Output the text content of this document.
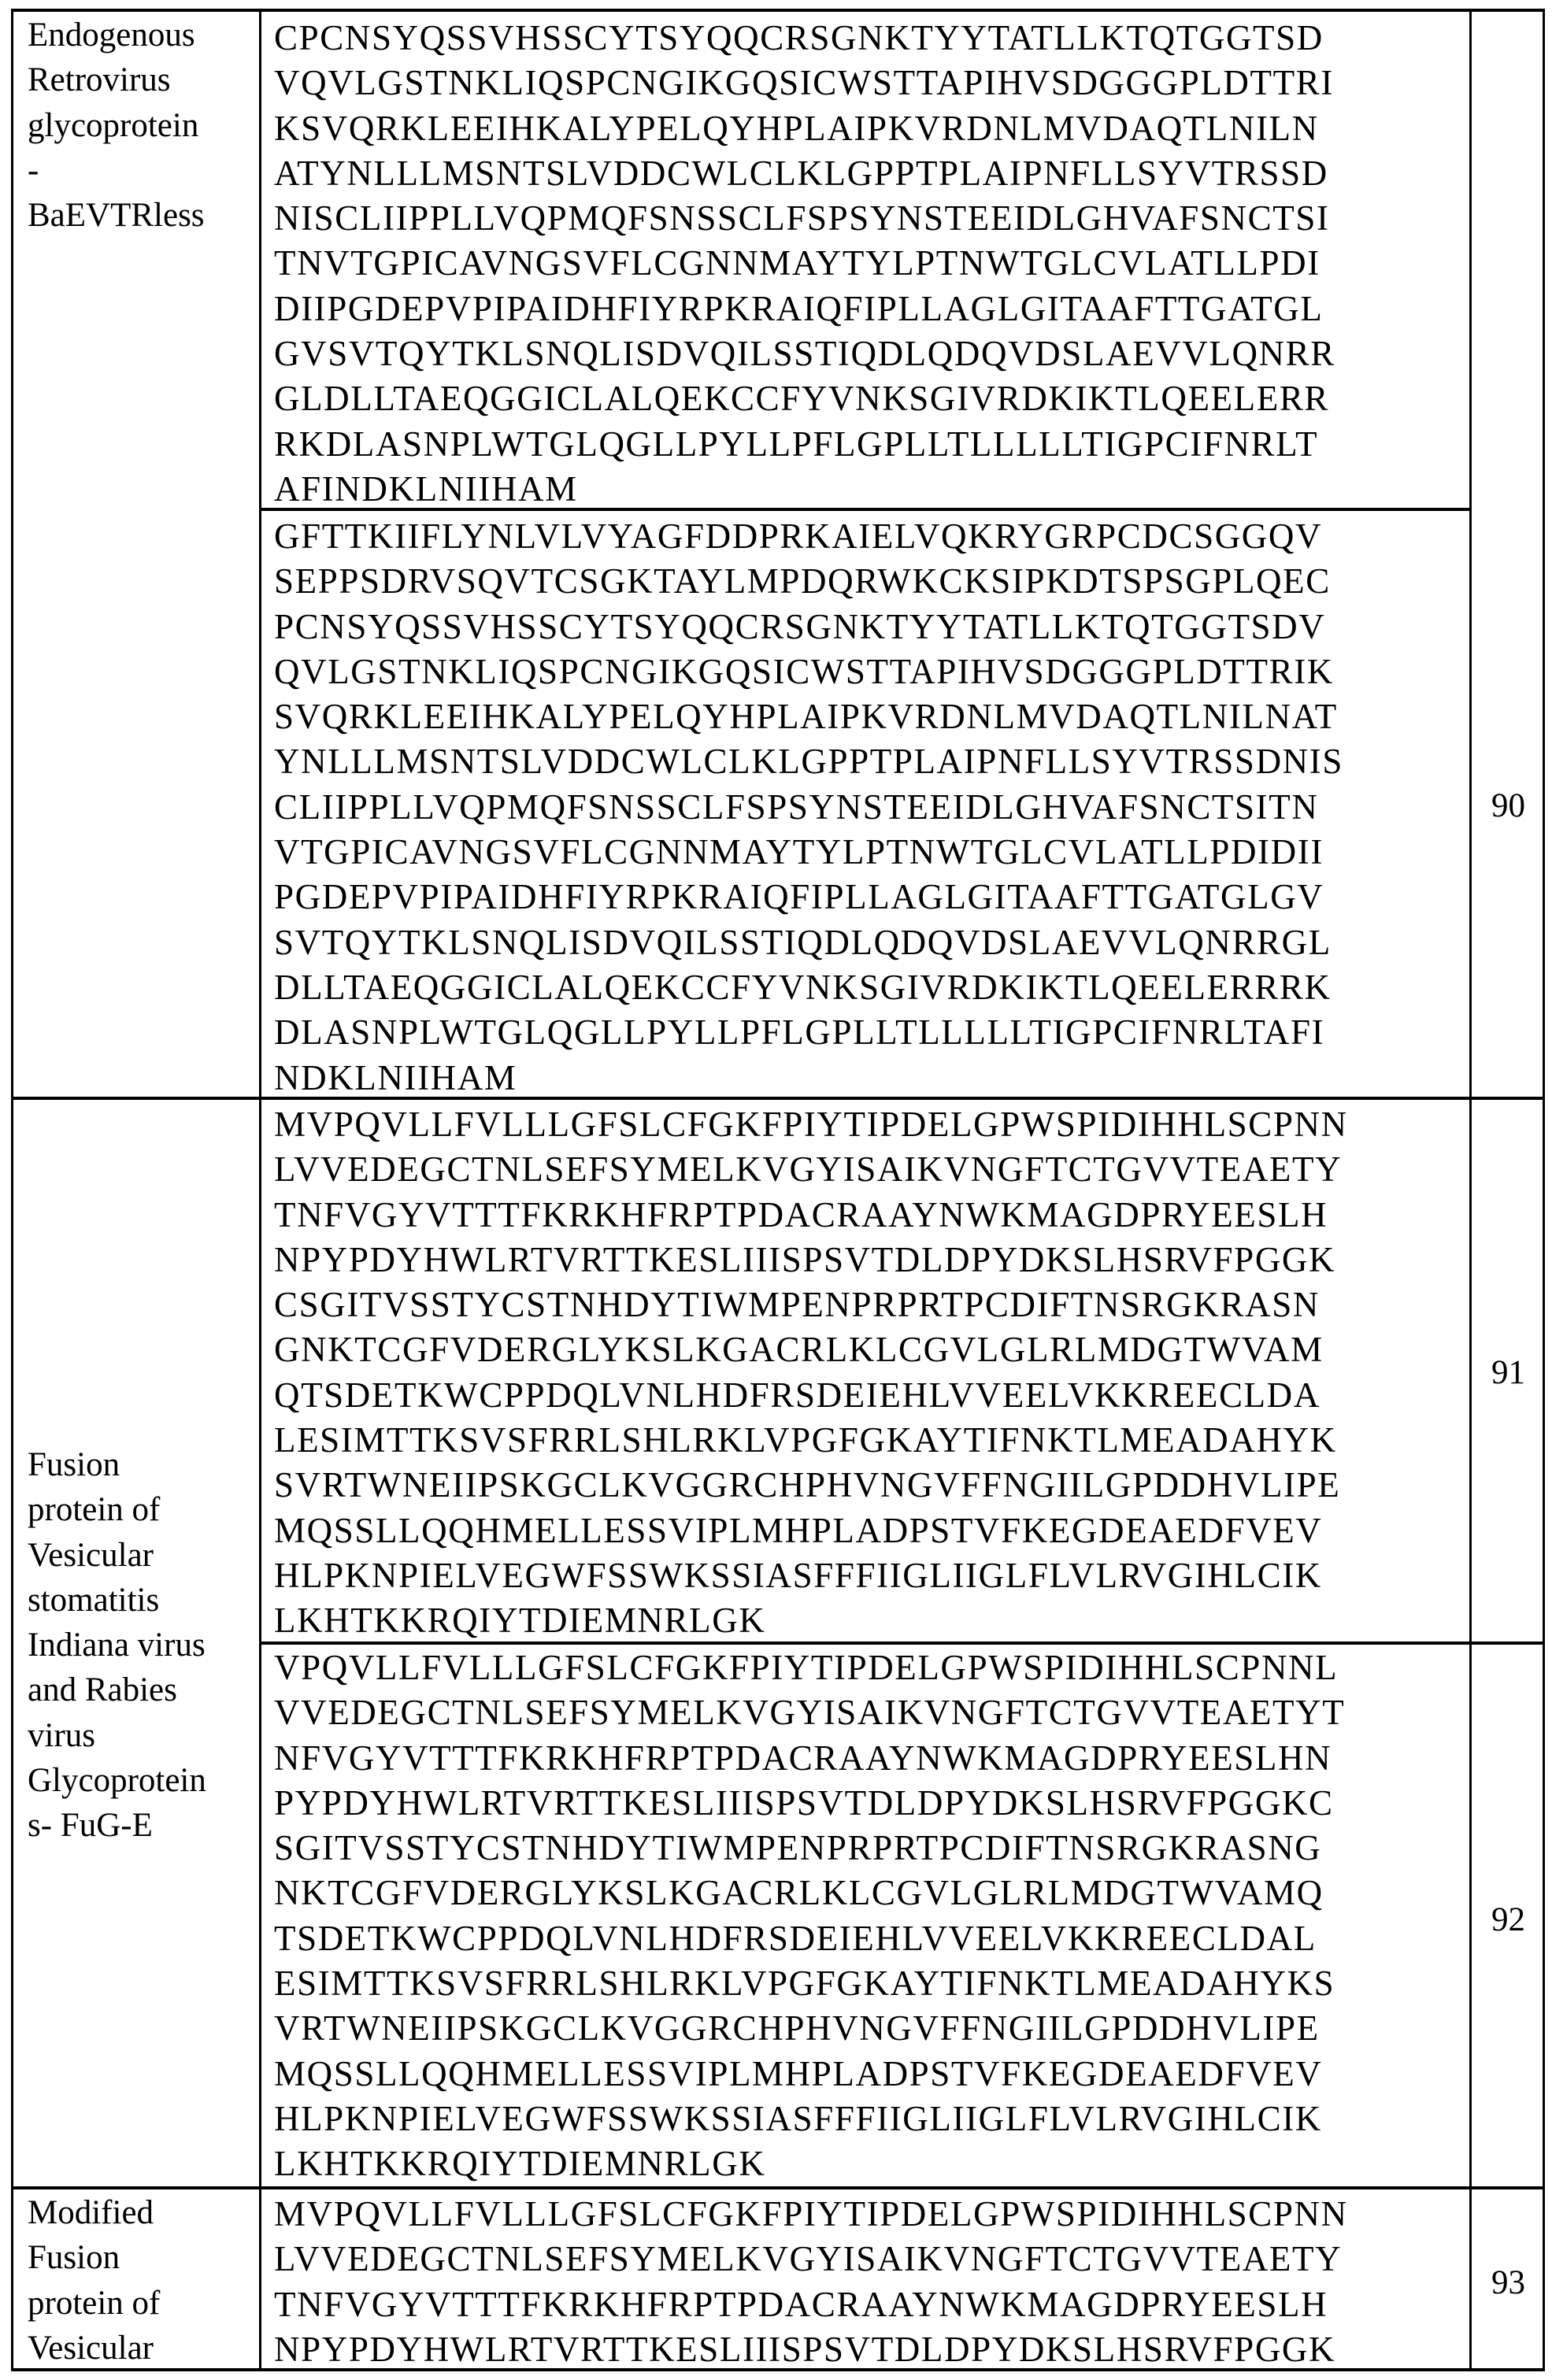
Endogenous
Retrovirus
glycoprotein
-
BaEVTRless
Fusion
protein of
Vesicular
stomatitis
Indiana virus
and Rabies
virus
Glycoprotein
s- FuG-E
Modified
Fusion
protein of
Vesicular
CPCNSYQSSVHSSCYTSYQQCRSGNKTYYTATLLKTQTGGTSD
VQVLGSTNKLIQSPCNGIKGQSICWSTTAPIHVSDGGGPLDTTRI
KSVQRKLEEIHKALYPELQYHPLAIPKVRDNLMVDAQTLNILN
ATYNLLLMSNTSLVDDCWLCLKLGPPTPLAIPNFLLSYVTRSSD
NISCLIIPPLLVQPMQFSNSSCLFSPSYNSTEEIDLGHVAFSNCTSI
TNVTGPICAVNGSVFLCGNNMAYTYLPTNWTGLCVLATLLPDI
DIIPGDEPVPIPAIDHFIYRPKRAIQFIPLLAGLGITAAFTTGATGL
GVSVTQYTKLSNQLISDVQILSSTIQDLQDQVDSLAEVVLQNRR
GLDLLTAEQGGICLALQEKCCFYVNKSGIVRDKIKTLQEELERR
RKDLASNPLWTGLQGLLPYLLPFLGPLLTLLLLLTIGPCIFNRLT
AFINDKLNIIHAM
GFTTKIIFLYNLVLVYAGFDDPRKAIELVQKRYGRPCDCSGGQV
SEPPSDRVSQVTCSGKTAYLMPDQRWKCKSIPKDTSPSGPLQEC
PCNSYQSSVHSSCYTSYQQCRSGNKTYYTATLLKTQTGGTSDV
QVLGSTNKLIQSPCNGIKGQSICWSTTAPIHVSDGGGPLDTTRIK
SVQRKLEEIHKALYPELQYHPLAIPKVRDNLMVDAQTLNILNAT
YNLLLMSNTSLVDDCWLCLKLGPPTPLAIPNFLLSYVTRSSDNIS
CLIIPPLLVQPMQFSNSSCLFSPSYNSTEEIDLGHVAFSNCTSITN
VTGPICAVNGSVFLCGNNMAYTYLPTNWTGLCVLATLLPDIDII
PGDEPVPIPAIDHFIYRPKRAIQFIPLLAGLGITAAFTTGATGLGV
SVTQYTKLSNQLISDVQILSSTIQDLQDQVDSLAEVVLQNRRGL
DLLTAEQGGICLALQEKCCFYVNKSGIVRDKIKTLQEELERRRK
DLASNPLWTGLQGLLPYLLPFLGPLLTLLLLLTIGPCIFNRLTAFI
NDKLNIIHAM
MVPQVLLFVLLLGFSLCFGKFPIYTIPDELGPWSPIDIHHLSCPNN
LVVEDEGCTNLSEFSYMELKVGYISAIKVNGFTCTGVVTEAETY
TNFVGYVTTTFKRKHFRPTPDACRAAYNWKMAGDPRYEESLH
NPYPDYHWLRTVRTTKESLIIISPSVTDLDPYDKSLHSRVFPGGK
CSGITVSSTYCSTNHDYTIWMPENPRPRTPCDIFTNSRGKRASN
GNKTCGFVDERGLYKSLKGACRLKLCGVLGLRLMDGTWVAM
QTSDETKWCPPDQLVNLHDFRSDEIEHLVVEELVKKREECLDA
LESIMTTKSVSFRRLSHLRKLVPGFGKAYTIFNKTLMEADAHYK
SVRTWNEIIPSKGCLKVGGRCHPHVNGVFFNGIILGPDDHVLIPE
MQSSLLQQHMELLESSVIPLMHPLADPSTVFKEGDEAEDFVEV
HLPKNPIELVEGWFSSWKSSIASFFFIIGLIIGLFLVLRVGIHLCIK
LKHTKKRQIYTDIEMNRLGK
VPQVLLFVLLLGFSLCFGKFPIYTIPDELGPWSPIDIHHLSCPNNL
VVEDEGCTNLSEFSYMELKVGYISAIKVNGFTCTGVVTEAETYT
NFVGYVTTTFKRKHFRPTPDACRAAYNWKMAGDPRYEESLHN
PYPDYHWLRTVRTTKESLIIISPSVTDLDPYDKSLHSRVFPGGKC
SGITVSSTYCSTNHDYTIWMPENPRPRTPCDIFTNSRGKRASNG
NKTCGFVDERGLYKSLKGACRLKLCGVLGLRLMDGTWVAMQ
TSDETKWCPPDQLVNLHDFRSDEIEHLVVEELVKKREECLDAL
ESIMTTKSVSFRRLSHLRKLVPGFGKAYTIFNKTLMEADAHYKS
VRTWNEIIPSKGCLKVGGRCHPHVNGVFFNGIILGPDDHVLIPE
MQSSLLQQHMELLESSVIPLMHPLADPSTVFKEGDEAEDFVEV
HLPKNPIELVEGWFSSWKSSIASFFFIIGLIIGLFLVLRVGIHLCIK
LKHTKKRQIYTDIEMNRLGK
MVPQVLLFVLLLGFSLCFGKFPIYTIPDELGPWSPIDIHHLSCPNN
LVVEDEGCTNLSEFSYMELKVGYISAIKVNGFTCTGVVTEAETY
TNFVGYVTTTFKRKHFRPTPDACRAAYNWKMAGDPRYEESLH
NPYPDYHWLRTVRTTKESLIIISPSVTDLDPYDKSLHSRVFPGGK
90
91
92
93
